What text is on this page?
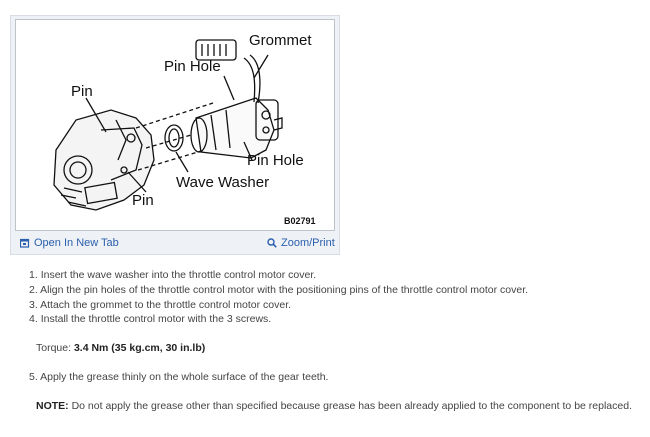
Grommet
Pin Hole
Pin
Pin Hole
Wave Washer
Pin
B02791
Open In New Tab	Zoom/Print
1. Insert the wave washer into the throttle control motor cover.
2. Align the pin holes of the throttle control motor with the positioning pins of the throttle control motor cover.
3. Attach the grommet to the throttle control motor cover.
4. Install the throttle control motor with the 3 screws.
Torque: 3.4 Nm (35 kg.cm, 30 in.lb)
5. Apply the grease thinly on the whole surface of the gear teeth.
NOTE: Do not apply the grease other than specified because grease has been already applied to the component to be replaced.
